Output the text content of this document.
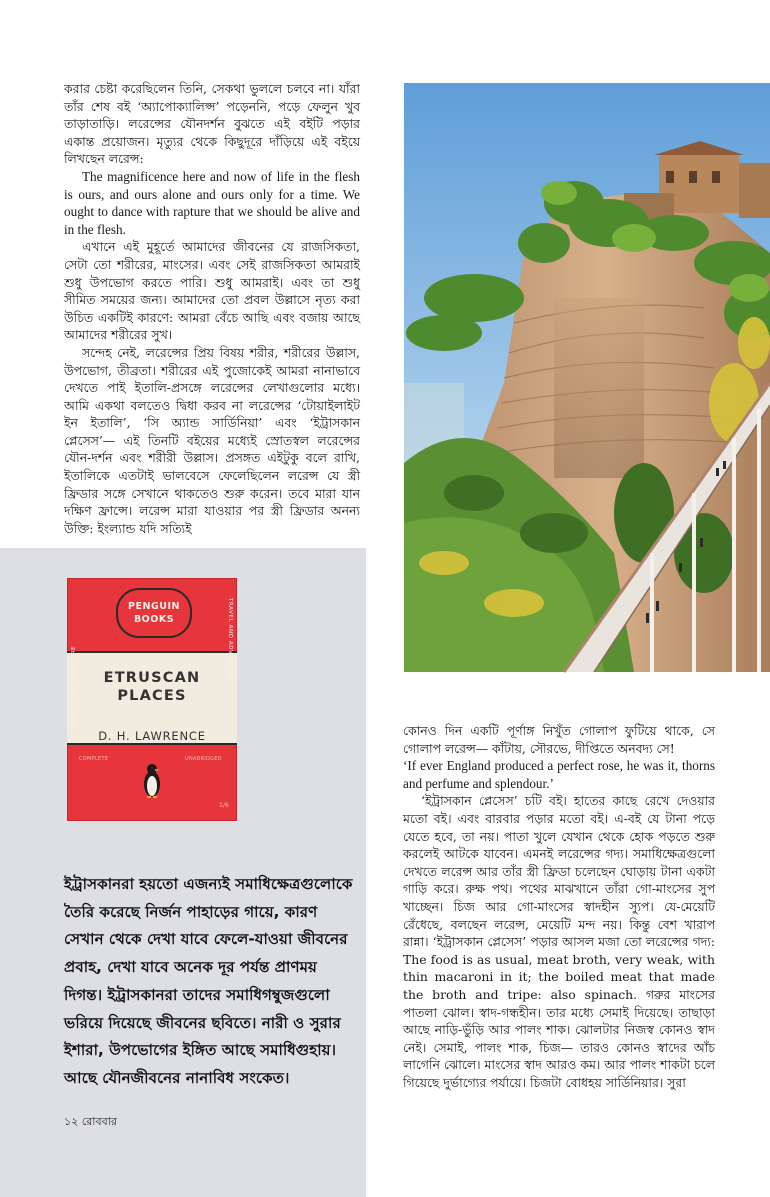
করার চেষ্টা করেছিলেন তিনি, সেকথা ভুললে চলবে না। যাঁরা তাঁর শেষ বই ‘অ্যাপোক্যালিপ্স’ পড়েননি, পড়ে ফেলুন খুব তাড়াতাড়ি। লরেন্সের যৌনদর্শন বুঝতে এই বইটি পড়ার একান্ত প্রয়োজন। মৃত্যুর থেকে কিছুদূরে দাঁড়িয়ে এই বইয়ে লিখছেন লরেন্স:

The magnificence here and now of life in the flesh is ours, and ours alone and ours only for a time. We ought to dance with rapture that we should be alive and in the flesh.

এখানে এই মুহূর্তে আমাদের জীবনের যে রাজসিকতা, সেটা তো শরীরের, মাংসের। এবং সেই রাজসিকতা আমরাই শুধু উপভোগ করতে পারি। শুধু আমরাই। এবং তা শুধু সীমিত সময়ের জন্য। আমাদের তো প্রবল উল্লাসে নৃত্য করা উচিত একটিই কারণে: আমরা বেঁচে আছি এবং বজায় আছে আমাদের শরীরের সুখ।

সন্দেহ নেই, লরেন্সের প্রিয় বিষয় শরীর, শরীরের উল্লাস, উপভোগ, তীব্রতা। শরীরের এই পুজোকেই আমরা নানাভাবে দেখতে পাই ইতালি-প্রসঙ্গে লরেন্সের লেখাগুলোর মধ্যে। আমি একথা বলতেও দ্বিধা করব না লরেন্সের ‘টোয়াইলাইট ইন ইতালি’, ‘সি অ্যান্ড সার্ডিনিয়া’ এবং ‘ইট্রাসকান প্লেসেস’— এই তিনটি বইয়ের মধ্যেই স্রোতস্বল লরেন্সের যৌন-দর্শন এবং শরীরী উল্লাস। প্রসঙ্গত এইটুকু বলে রাখি, ইতালিকে এতটাই ভালবেসে ফেলেছিলেন লরেন্স যে স্ত্রী ফ্রিডার সঙ্গে সেখানে থাকতেও শুরু করেন। তবে মারা যান দক্ষিণ ফ্রান্সে। লরেন্স মারা যাওয়ার পর স্ত্রী ফ্রিডার অনন্য উক্তি: ইংল্যান্ড যদি সত্যিই

PENGUIN
BOOKS
ETRUSCAN
PLACES
D. H. LAWRENCE
TRAVEL AND ADVENTURE
TRAVEL AND ADVENTURE
COMPLETE	UNABRIDGED
1/6

ইট্রাসকানরা হয়তো এজন্যই সমাধিক্ষেত্রগুলোকে তৈরি করেছে নির্জন পাহাড়ের গায়ে, কারণ সেখান থেকে দেখা যাবে ফেলে-যাওয়া জীবনের প্রবাহ, দেখা যাবে অনেক দূর পর্যন্ত প্রাণময় দিগন্ত। ইট্রাসকানরা তাদের সমাধিগম্বুজগুলো ভরিয়ে দিয়েছে জীবনের ছবিতে। নারী ও সুরার ইশারা, উপভোগের ইঙ্গিত আছে সমাধিগুহায়। আছে যৌনজীবনের নানাবিধ সংকেত।

১২ রোববার

কোনও দিন একটি পূর্ণাঙ্গ নিখুঁত গোলাপ ফুটিয়ে থাকে, সে গোলাপ লরেন্স— কাঁটায়, সৌরভে, দীপ্তিতে অনবদ্য সে!

‘If ever England produced a perfect rose, he was it, thorns and perfume and splendour.’

‘ইট্রাসকান প্লেসেস’ চটি বই। হাতের কাছে রেখে দেওয়ার মতো বই। এবং বারবার পড়ার মতো বই। এ-বই যে টানা পড়ে যেতে হবে, তা নয়। পাতা খুলে যেখান থেকে হোক পড়তে শুরু করলেই আটকে যাবেন। এমনই লরেন্সের গদ্য। সমাধিক্ষেত্রগুলো দেখতে লরেন্স আর তাঁর স্ত্রী ফ্রিডা চলেছেন ঘোড়ায় টানা একটা গাড়ি করে। রুক্ষ পথ। পথের মাঝখানে তাঁরা গো-মাংসের সুপ খাচ্ছেন। চিজ আর গো-মাংসের স্বাদহীন স্যুপ। যে-মেয়েটি রেঁধেছে, বলছেন লরেন্স, মেয়েটি মন্দ নয়। কিন্তু বেশ খারাপ রান্না। ‘ইট্রাসকান প্লেসেস’ পড়ার আসল মজা তো লরেন্সের গদ্য: The food is as usual, meat broth, very weak, with thin macaroni in it; the boiled meat that made the broth and tripe: also spinach. গরুর মাংসের পাতলা ঝোল। স্বাদ-গন্ধহীন। তার মধ্যে সেমাই দিয়েছে। তাছাড়া আছে নাড়ি-ভুঁড়ি আর পালং শাক। ঝোলটার নিজস্ব কোনও স্বাদ নেই। সেমাই, পালং শাক, চিজ— তারও কোনও স্বাদের আঁচ লাগেনি ঝোলে। মাংসের স্বাদ আরও কম। আর পালং শাকটা চলে গিয়েছে দুর্ভাগ্যের পর্যায়ে। চিজটা বোধহয় সার্ডিনিয়ার। সুরা
